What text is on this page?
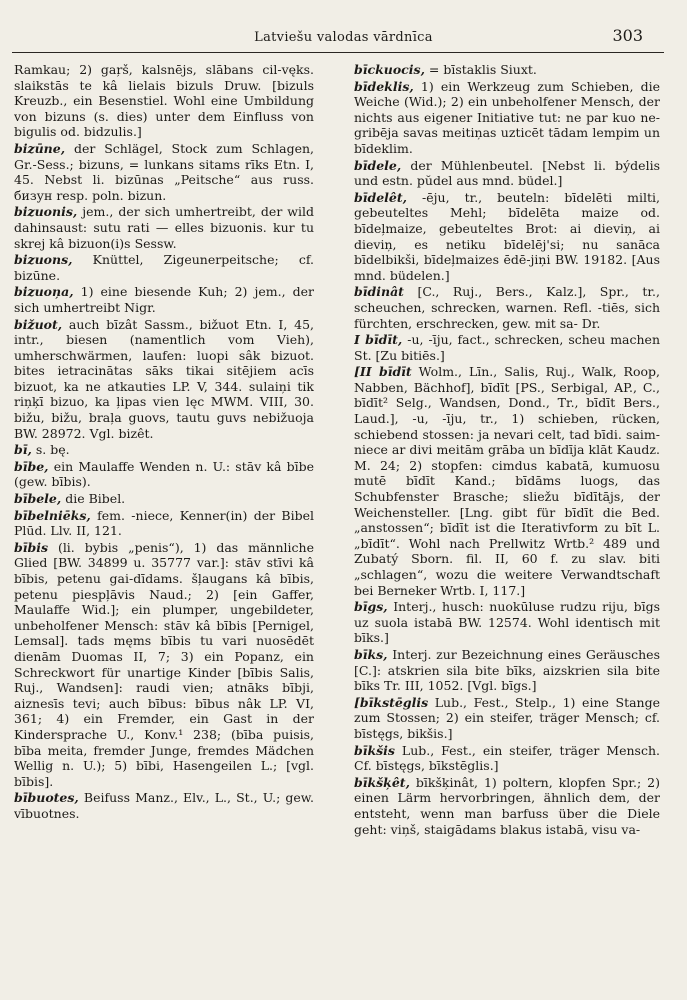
Latviešu valodas vārdnīca	303

Ramkau; 2) gaŗš, kalsnējs, slābans cil-vęks. slaikstās te kâ lielais bizuls Druw. [bizuls Kreuzb., ein Besenstiel. Wohl eine Umbildung von bizuns (s. dies) unter dem Einfluss von bigulis od. bidzulis.]

bizūne, der Schlägel, Stock zum Schlagen, Gr.-Sess.; bizuns, = lunkans sitams rīks Etn. I, 45. Nebst li. bizūnas „Peitsche“ aus russ. бизун resp. poln. bizun.

bizuonis, jem., der sich umhertreibt, der wild dahinsaust: sutu rati — elles bizuonis. kur tu skrej kâ bizuon(i)s Sessw.

bizuons, Knüttel, Zigeunerpeitsche; cf. bizūne.

bizuoņa, 1) eine biesende Kuh; 2) jem., der sich umhertreibt Nigr.

bižuot, auch bīzât Sassm., bižuot Etn. I, 45, intr., biesen (namentlich vom Vieh), umherschwärmen, laufen: luopi sâk bizuot. bites ietracinātas sāks tikai sitējiem acīs bizuot, ka ne atkauties LP. V, 344. sulaiņi tik riņķī bizuo, ka ļipas vien lęc MWM. VIII, 30. bižu, bižu, braļa guovs, tautu guvs nebižuoja BW. 28972. Vgl. bizêt.

bī, s. bę.

bībe, ein Maulaffe Wenden n. U.: stāv kâ bībe (gew. bībis).

bībele, die Bibel.

bībelniēks, fem. -niece, Kenner(in) der Bibel Plūd. Llv. II, 121.

bībis (li. bybis „penis“), 1) das männliche Glied [BW. 34899 u. 35777 var.]: stāv stīvi kâ bībis, petenu gai-dīdams. šļaugans kâ bībis, petenu piespļāvis Naud.; 2) [ein Gaffer, Maulaffe Wid.]; ein plumper, ungebildeter, unbeholfener Mensch: stāv kâ bībis [Pernigel, Lemsal]. tads męms bībis tu vari nuosēdēt dienām Duomas II, 7; 3) ein Popanz, ein Schreckwort für unartige Kinder [bībis Salis, Ruj., Wandsen]: raudi vien; atnāks bībji, aiznesīs tevi; auch bībus: bībus nâk LP. VI, 361; 4) ein Fremder, ein Gast in der Kindersprache U., Konv.¹ 238; (bība puisis, bība meita, fremder Junge, fremdes Mädchen Wellig n. U.); 5) bībi, Hasengeilen L.; [vgl. bībis].

bībuotes, Beifuss Manz., Elv., L., St., U.; gew. vībuotnes.

bīckuocis, = bīstaklis Siuxt.

bīdeklis, 1) ein Werkzeug zum Schieben, die Weiche (Wid.); 2) ein unbeholfener Mensch, der nichts aus eigener Initiative tut: ne par kuo ne-gribēja savas meitiņas uzticēt tādam lempim un bīdeklim.

bīdele, der Mühlenbeutel. [Nebst li. býdelis und estn. pŭdel aus mnd. büdel.]

bīdelêt, -ēju, tr., beuteln: bīdelēti milti, gebeuteltes Mehl; bīdelēta maize od. bīdeļmaize, gebeuteltes Brot: ai dieviņ, ai dieviņ, es netiku bīdelēj'si; nu sanāca bīdelbikši, bīdeļmaizes ēdē-jiņi BW. 19182. [Aus mnd. büdelen.]

bīdinât [C., Ruj., Bers., Kalz.], Spr., tr., scheuchen, schrecken, warnen. Refl. -tiēs, sich fürchten, erschrecken, gew. mit sa- Dr.

I bīdīt, -u, -īju, fact., schrecken, scheu machen St. [Zu bitiēs.]

[II bīdīt Wolm., Līn., Salis, Ruj., Walk, Roop, Nabben, Bächhof], bīdīt [PS., Serbigal, AP., C., bīdīt² Selg., Wandsen, Dond., Tr., bīdīt Bers., Laud.], -u, -īju, tr., 1) schieben, rücken, schiebend stossen: ja nevari celt, tad bīdi. saim-niece ar divi meitām grāba un bīdīja klāt Kaudz. M. 24; 2) stopfen: cimdus kabatā, kumuosu mutē bīdīt Kand.; bīdāms luogs, das Schubfenster Brasche; sliežu bīdītājs, der Weichensteller. [Lng. gibt für bīdīt die Bed. „anstossen“; bīdīt ist die Iterativform zu bīt L. „bīdīt“. Wohl nach Prellwitz Wrtb.² 489 und Zubatý Sborn. fil. II, 60 f. zu slav. biti „schlagen“, wozu die weitere Verwandtschaft bei Berneker Wrtb. I, 117.]

bīgs, Interj., husch: nuokūluse rudzu riju, bīgs uz suola istabā BW. 12574. Wohl identisch mit bīks.]

bīks, Interj. zur Bezeichnung eines Geräusches [C.]: atskrien sila bite bīks, aizskrien sila bite bīks Tr. III, 1052. [Vgl. bīgs.]

[bīkstēglis Lub., Fest., Stelp., 1) eine Stange zum Stossen; 2) ein steifer, träger Mensch; cf. bīstęgs, bikšis.]

bīkšis Lub., Fest., ein steifer, träger Mensch. Cf. bīstęgs, bīkstēglis.]

bīkšķêt, bīkšķinât, 1) poltern, klopfen Spr.; 2) einen Lärm hervorbringen, ähnlich dem, der entsteht, wenn man barfuss über die Diele geht: viņš, staigādams blakus istabā, visu va-
